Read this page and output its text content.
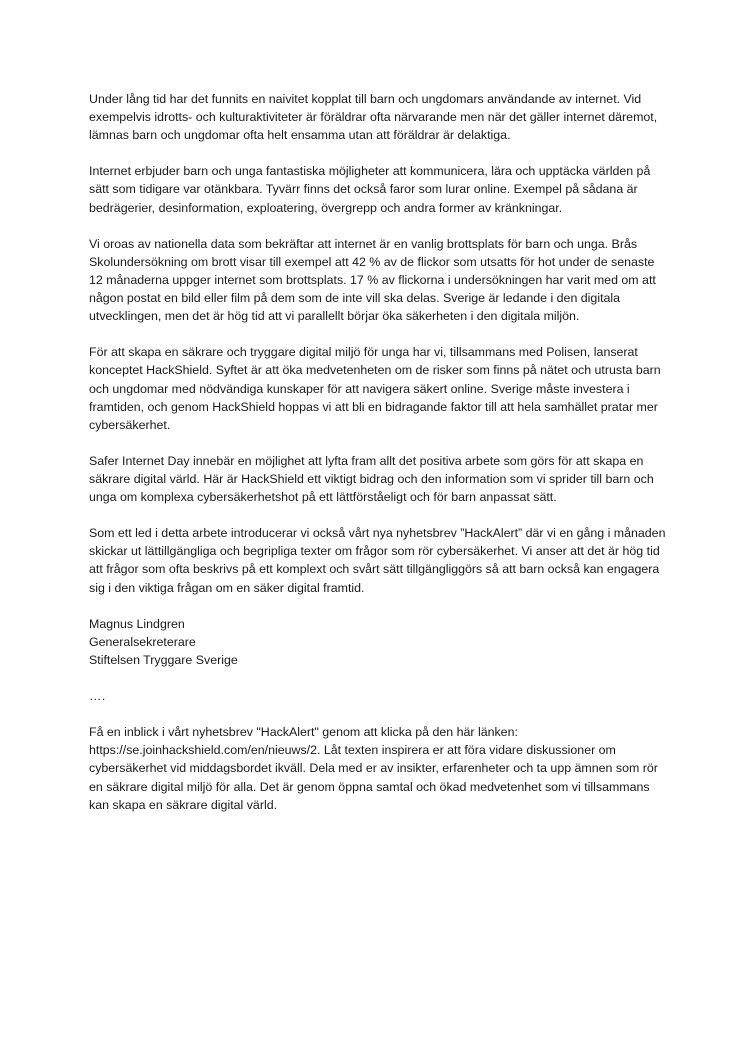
Under lång tid har det funnits en naivitet kopplat till barn och ungdomars användande av internet. Vid exempelvis idrotts- och kulturaktiviteter är föräldrar ofta närvarande men när det gäller internet däremot, lämnas barn och ungdomar ofta helt ensamma utan att föräldrar är delaktiga.

Internet erbjuder barn och unga fantastiska möjligheter att kommunicera, lära och upptäcka världen på sätt som tidigare var otänkbara. Tyvärr finns det också faror som lurar online. Exempel på sådana är bedrägerier, desinformation, exploatering, övergrepp och andra former av kränkningar.

Vi oroas av nationella data som bekräftar att internet är en vanlig brottsplats för barn och unga. Brås Skolundersökning om brott visar till exempel att 42 % av de flickor som utsatts för hot under de senaste 12 månaderna uppger internet som brottsplats. 17 % av flickorna i undersökningen har varit med om att någon postat en bild eller film på dem som de inte vill ska delas. Sverige är ledande i den digitala utvecklingen, men det är hög tid att vi parallellt börjar öka säkerheten i den digitala miljön.

För att skapa en säkrare och tryggare digital miljö för unga har vi, tillsammans med Polisen, lanserat konceptet HackShield. Syftet är att öka medvetenheten om de risker som finns på nätet och utrusta barn och ungdomar med nödvändiga kunskaper för att navigera säkert online. Sverige måste investera i framtiden, och genom HackShield hoppas vi att bli en bidragande faktor till att hela samhället pratar mer cybersäkerhet.

Safer Internet Day innebär en möjlighet att lyfta fram allt det positiva arbete som görs för att skapa en säkrare digital värld. Här är HackShield ett viktigt bidrag och den information som vi sprider till barn och unga om komplexa cybersäkerhetshot på ett lättförståeligt och för barn anpassat sätt.

Som ett led i detta arbete introducerar vi också vårt nya nyhetsbrev ”HackAlert” där vi en gång i månaden skickar ut lättillgängliga och begripliga texter om frågor som rör cybersäkerhet. Vi anser att det är hög tid att frågor som ofta beskrivs på ett komplext och svårt sätt tillgängliggörs så att barn också kan engagera sig i den viktiga frågan om en säker digital framtid.

Magnus Lindgren
Generalsekreterare
Stiftelsen Tryggare Sverige
….

Få en inblick i vårt nyhetsbrev "HackAlert" genom att klicka på den här länken: https://se.joinhackshield.com/en/nieuws/2. Låt texten inspirera er att föra vidare diskussioner om cybersäkerhet vid middagsbordet ikväll. Dela med er av insikter, erfarenheter och ta upp ämnen som rör en säkrare digital miljö för alla. Det är genom öppna samtal och ökad medvetenhet som vi tillsammans kan skapa en säkrare digital värld.
